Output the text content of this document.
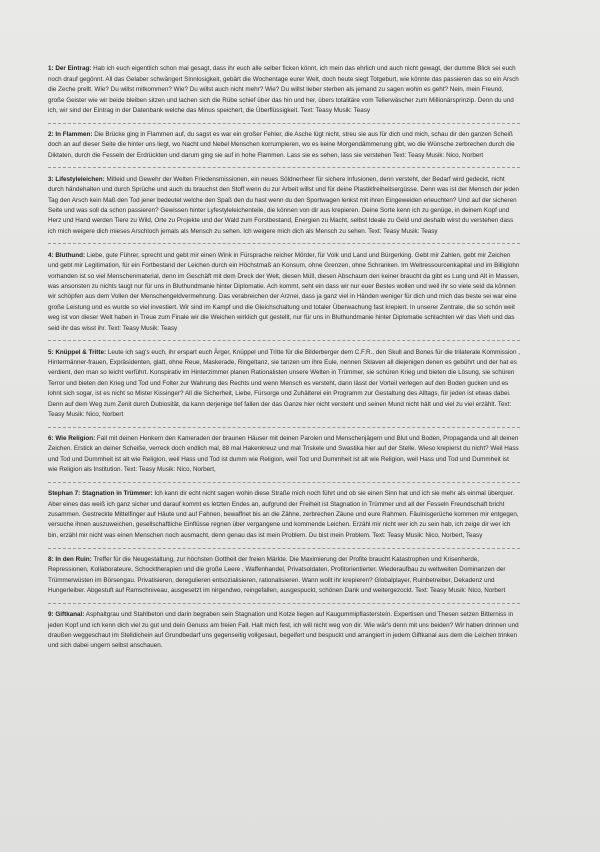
1: Der Eintrag: Hab ich euch eigentlich schon mal gesagt, dass ihr euch alle selber ficken könnt, ich mein das ehrlich und auch nicht gewagt, der dumme Blick sei euch noch drauf gegönnt. All das Gelaber schwängert Sinnlosigkeit, gebärt die Wochentage eurer Welt, doch heute siegt Totgeburt, wie könnte das passieren das so ein Arsch die Zeche prellt. Wie? Du willst mitkommen? Wie? Du willst auch nicht mehr? Wie? Du willst lieber sterben als jemand zu sagen wohin es geht? Nein, mein Freund, große Geister wie wir beide bleiben sitzen und lachen sich die Rübe schief über das hin und her, übers totalitäre vom Tellerwäscher zum Millionärsprinzip. Denn du und ich, wir sind der Eintrag in der Datenbank welche das Minus speichert, die Überflüssigkeit. Text: Teasy Musik: Teasy

2: In Flammen: Die Brücke ging in Flammen auf, du sagst es war ein großer Fehler, die Asche lügt nicht, streu sie aus für dich und mich, schau dir den ganzen Scheiß doch an auf dieser Seite die hinter uns liegt, wo Nacht und Nebel Menschen korrumpieren, wo es keine Morgendämmerung gibt, wo die Wünsche zerbrechen durch die Diktaten, durch die Fesseln der Erdrückten und darum ging sie auf in hohe Flammen. Lass sie es sehen, lass sie verstehen Text: Teasy Musik: Nico, Norbert

3: Lifestyleleichen: Mitleid und Gewehr der Welten Friedensmissionen, ein neues Söldnerheer für sichere Infusionen, denn versteht, der Bedarf wird gedeckt, nicht durch händehalten und durch Sprüche und auch du brauchst den Stoff wenn du zur Arbeit willst und für deine Plastikfreiheitsergüsse. Denn was ist der Mensch der jeden Tag den Arsch kein Maß den Tod jener bedeutet welche den Spaß den du hast wenn du den Sportwagen lenkst mit ihren Eingeweiden erleuchten? Und auf der sicheren Seite und was soll da schon passieren? Gewissen hinter Lyfestyleleichenteile, die können von dir aus krepieren. Deine Sorte kenn ich zu genüge, in deinem Kopf und Herz und Hand werden Tiere zu Wild, Orte zu Projekte und der Wald zum Forstbestand, Energien zu Macht, selbst Ideale zu Geld und deshalb wirst du verstehen dass ich mich weigere dich mieses Arschloch jemals als Mensch zu sehen. Ich weigere mich dich als Mensch zu sehen. Text: Teasy Musik: Teasy

4: Bluthund: Liebe, gute Führer, sprecht und gebt mir einen Wink in Fürsprache reicher Mörder, für Volk und Land und Bürgerking. Gebt mir Zahlen, gebt mir Zeichen und gebt mir Legitimation, für ein Fortbestand der Leichen durch ein Höchstmaß an Konsum, ohne Grenzen, ohne Schranken. Im Weltressourcenkapital und im Billiglohn vorhanden ist so viel Menschenmaterial, denn im Geschäft mit dem Dreck der Welt, diesen Müll, diesen Abschaum den keiner braucht da gibt es Lung und Alt in Massen, was ansonsten zu nichts taugt nur für uns in Bluthundmanie hinter Diplomatie. Ach kommt, seht ein dass wir nur euer Bestes wollen und weil ihr so viele seid da können wir schöpfen aus dem Vollen der Menschengeldvermehrung. Das verabreichen der Arznei, dass ja ganz viel in Händen weniger für dich und mich das beste sei war eine große Leistung und es wurde so viel investiert. Wir sind im Kampf und die Gleichschaltung und totaler Überwachung fast krepiert. In unserer Zentrale, die so schön weit weg ist von dieser Welt haben in Treue zum Finale wir die Weichen wirklich gut gestellt, nur für uns in Bluthundmanie hinter Diplomatie schlachten wir das Vieh und das seid ihr das wisst ihr. Text: Teasy Musik: Teasy

5: Knüppel & Tritte: Leute ich sag's euch, ihr erspart euch Ärger, Knüppel und Tritte für die Bilderberger dem C.F.R., den Skull and Bones für die trilaterale Kommission , Hintermänner-frauen, Expräsidenten, glatt, ohne Reue, Maskerade, Ringeltanz, sie tanzen um ihre Eule, nennen Sklaven all diejenigen denen es gebührt und der hat es verdient, den man so leicht verführt. Konspirativ im Hinterzimmer planen Rationalisten unsere Welten in Trümmer, sie schüren Krieg und bieten die Lösung, sie schüren Terror und bieten den Krieg und Tod und Folter zur Wahrung des Rechts und wenn Mensch es versteht, dann lässt der Vorteil verlegen auf den Boden gucken und es lohnt sich sogar, ist es nicht so Mister Kissinger? All die Sicherheit, Liebe, Fürsorge und Zuhälterei ein Programm zur Gestaltung des Alltags, für jeden ist etwas dabei. Denn auf dem Weg zum Zenit durch Dubiosität, da kann derjenige tief fallen der das Ganze hier nicht versteht und seinen Mund nicht hält und viel zu viel erzählt. Text: Teasy Musik: Nico, Norbert

6: Wie Religion: Fall mit deinen Henkern den Kameraden der braunen Häuser mit deinen Parolen und Menschenjägern und Blut und Boden, Propaganda und all deinen Zeichen. Erstick an deiner Scheiße, verreck doch endlich mal, 88 mal Hakenkreuz und mal Triskele und Swastika hier auf der Stelle. Wieso krepierst du nicht? Weil Hass und Tod und Dummheit ist alt wie Religion, weil Hass und Tod ist dumm wie Religion, weil Tod und Dummheit ist alt wie Religion, weil Hass und Tod und Dummheit ist wie Religion als Institution. Text: Teasy Musik: Nico, Norbert,

Stephan 7: Stagnation in Trümmer: Ich kann dir echt nicht sagen wohin diese Straße mich noch führt und ob sie einen Sinn hat und ich sie mehr als einmal überquer. Aber eines das weiß ich ganz sicher und darauf kommt es letzten Endes an, aufgrund der Freiheit ist Stagnation in Trümmer und all der Fesseln Freundschaft bricht zusammen. Gestreckte Mittelfinger auf Häute und auf Fahnen, bewaffnet bis an die Zähne, zerbrechen Zäune und eure Rahmen. Fäulnisgerüche kommen mir entgegen, versuche ihnen auszuweichen, gesellschaftliche Einflüsse regnen über vergangene und kommende Leichen. Erzähl mir nicht wer ich zu sein hab, ich zeige dir wer ich bin, erzähl mir nicht was einen Menschen noch ausmacht, denn genau das ist mein Problem. Du bist mein Problem. Text: Teasy Musik: Nico, Norbert, Teasy

8: In den Ruin: Treffer für die Neugestaltung, zur höchsten Gottheit der freien Märkte. Die Maximierung der Profite braucht Katastrophen und Krisenherde, Repressionen, Kollaborateure, Schocktherapien und die große Leere , Waffenhandel, Privatsoldaten, Profitorientierter. Wiederaufbau zu weltweiten Dominanzen der Trümmerwüsten im Börsengau. Privatisieren, deregulieren entsozialisieren, rationalisieren. Wann wollt ihr krepieren? Globalplayer, Ruinbetreiber, Dekadenz und Hungerleiber. Abgestuft auf Ramschniveau, ausgesetzt im nirgendwo, reingefallen, ausgespuckt, schönen Dank und weitergezockt. Text: Teasy Musik: Nico, Norbert

9: Giftkanal: Asphaltgrau und Stahlbeton und darin begraben sein Stagnation und Kotze liegen auf Kaugummipflastersteín. Expertisen und Thesen setzen Bitterniss in jeden Kopf und ich kenn dich viel zu gut und dein Genuss am freien Fall. Halt mich fest, ich will nicht weg von dir. Wie wär's denn mit uns beiden? Wir haben drinnen und draußen weggeschaut im Stelldichein auf Grundbedarf uns gegenseitig vollgesaut, begeifert und bespuckt und arrangiert in jedem Giftkanal aus dem die Leichen trinken und sich dabei ungern selbst anschauen.
